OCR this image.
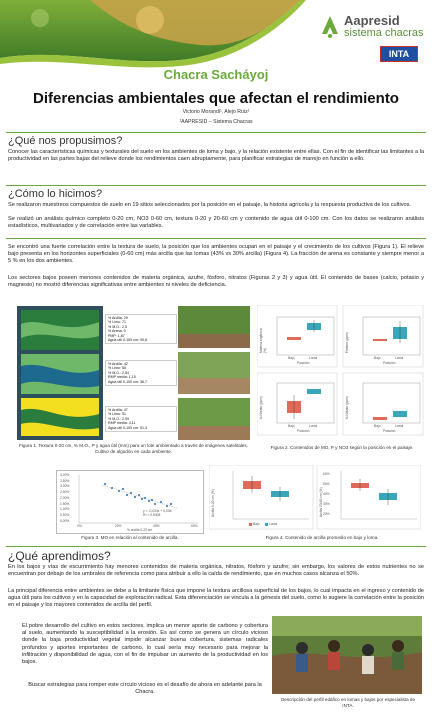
Aapresid
sistema chacras
INTA
Chacra Sacháyoj
Diferencias ambientales que afectan el rendimiento
Victorio Morandi¹, Alejo Ruiz¹
¹AAPRESID – Sistema Chacras
¿Qué nos propusimos?
Conocer las características químicas y texturales del suelo en los ambientes de loma y bajo, y la relación existente entre ellas. Con el fin de identificar las limitantes a la productividad en las partes bajas del relieve donde los rendimientos caen abruptamente, para planificar estrategias de manejo en función a ello.
¿Cómo lo hicimos?
Se realizaron muestreos compuestos de suelo en 19 sitios seleccionados por la posición en el paisaje, la historia agrícola y la respuesta productiva de los cultivos.
Se realizó un análisis químico completo 0-20 cm, NO3 0-60 cm, textura 0-20 y 20-60 cm y contenido de agua útil 0-100 cm. Con los datos se realizaron análisis estadísticos, multivariados y de correlación entre las variables.
Se encontró una fuerte correlación entre la textura de suelo, la posición que los ambientes ocupan en el paisaje y el crecimiento de los cultivos (Figura 1). El relieve bajo presenta en los horizontes superficiales (0-60 cm) más arcilla que las lomas (43% vs 30% arcilla) (Figura 4). La fracción de arena es constante y siempre menor a 5 % en los dos ambientes.
Los sectores bajos poseen menores contenidos de materia orgánica, azufre, fósforo, nitratos (Figuras 2 y 3) y agua útil. El contenido de bases (calcio, potasio y magnesio) no mostró diferencias significativas entre ambientes ni niveles de deficiencia.
% Arcilla: 29
% Limo: 71
% M.O.: 2,5
% Arena: 0
PMP: 1,87
Agua útil 0-100 cm: 90,6
% Arcilla: 42
% Limo: 55
% M.O.: 2,54
RMP media: 1,15
Agua útil 0-100 cm: 36,7
% Arcilla: 47
% Limo: 51
% M.O.: 2,09
RMP media: 4,11
Agua útil 0-100 cm: 51,3
Figura 1. Textura 0-20 cm, % M.O., P y agua útil (mm) para un lote ambientado a través de imágenes satelitales. Cultivo de algodón en cada ambiente.
Materia orgánica (%)	Fósforo (ppm)
N-Nitrato (ppm)	N-Nitrato (ppm)
Bajo	Loma
Posición
Bajo	Loma
Posición
Bajo	Loma
Posición
Bajo	Loma
Posición
Figura 2. Contenidos de MO, P y NO3 según la posición en el paisaje.
4,00%
3,50%
3,00%
2,50%
2,00%
1,50%
1,00%
0,50%
0,00%
0%	20%	40%	60%
% arcilla 0-20 cm
y = -0,034x + 0,036
R² = 0,5408
Figura 3. MO en relación al contenido de arcilla.
Arcilla 0-20 cm (%)	Arcilla 20-60 cm (%)
60%
50%
40%
30%
20%
Bajo	Loma
Figura 4. Contenido de arcilla promedio en bajo y loma.
¿Qué aprendimos?
En los bajos y vías de escurrimiento hay menores contenidos de materia orgánica, nitratos, fósforo y azufre; sin embargo, los valores de estos nutrientes no se encuentran por debajo de los umbrales de referencia como para atribuir a ello la caída de rendimiento, que en muchos casos alcanza el 50%.
La principal diferencia entre ambientes se debe a la limitante física que impone la textura arcillosa superficial de los bajos, lo cual impacta en el ingreso y contenido de agua útil para los cultivos y en la capacidad de exploración radical. Esta diferenciación se vincula a la génesis del suelo, como lo sugiere la correlación entre la posición en el paisaje y los mayores contenidos de arcilla del perfil.
El pobre desarrollo del cultivo en estos sectores, implica un menor aporte de carbono y cobertura al suelo, aumentando la susceptibilidad a la erosión. Es así como se genera un círculo vicioso donde la baja productividad vegetal impide alcanzar buena cobertura, sistemas radicales profundos y aportes importantes de carbono, lo cual sería muy necesario para mejorar la infiltración y disponibilidad de agua, con el fin de impulsar un aumento de la productividad en los bajos.
Buscar estrategias para romper este círculo vicioso es el desafío de ahora en adelante para la Chacra.
Descripción del perfil edáfico en lomas y bajos por especialista de INTA.
